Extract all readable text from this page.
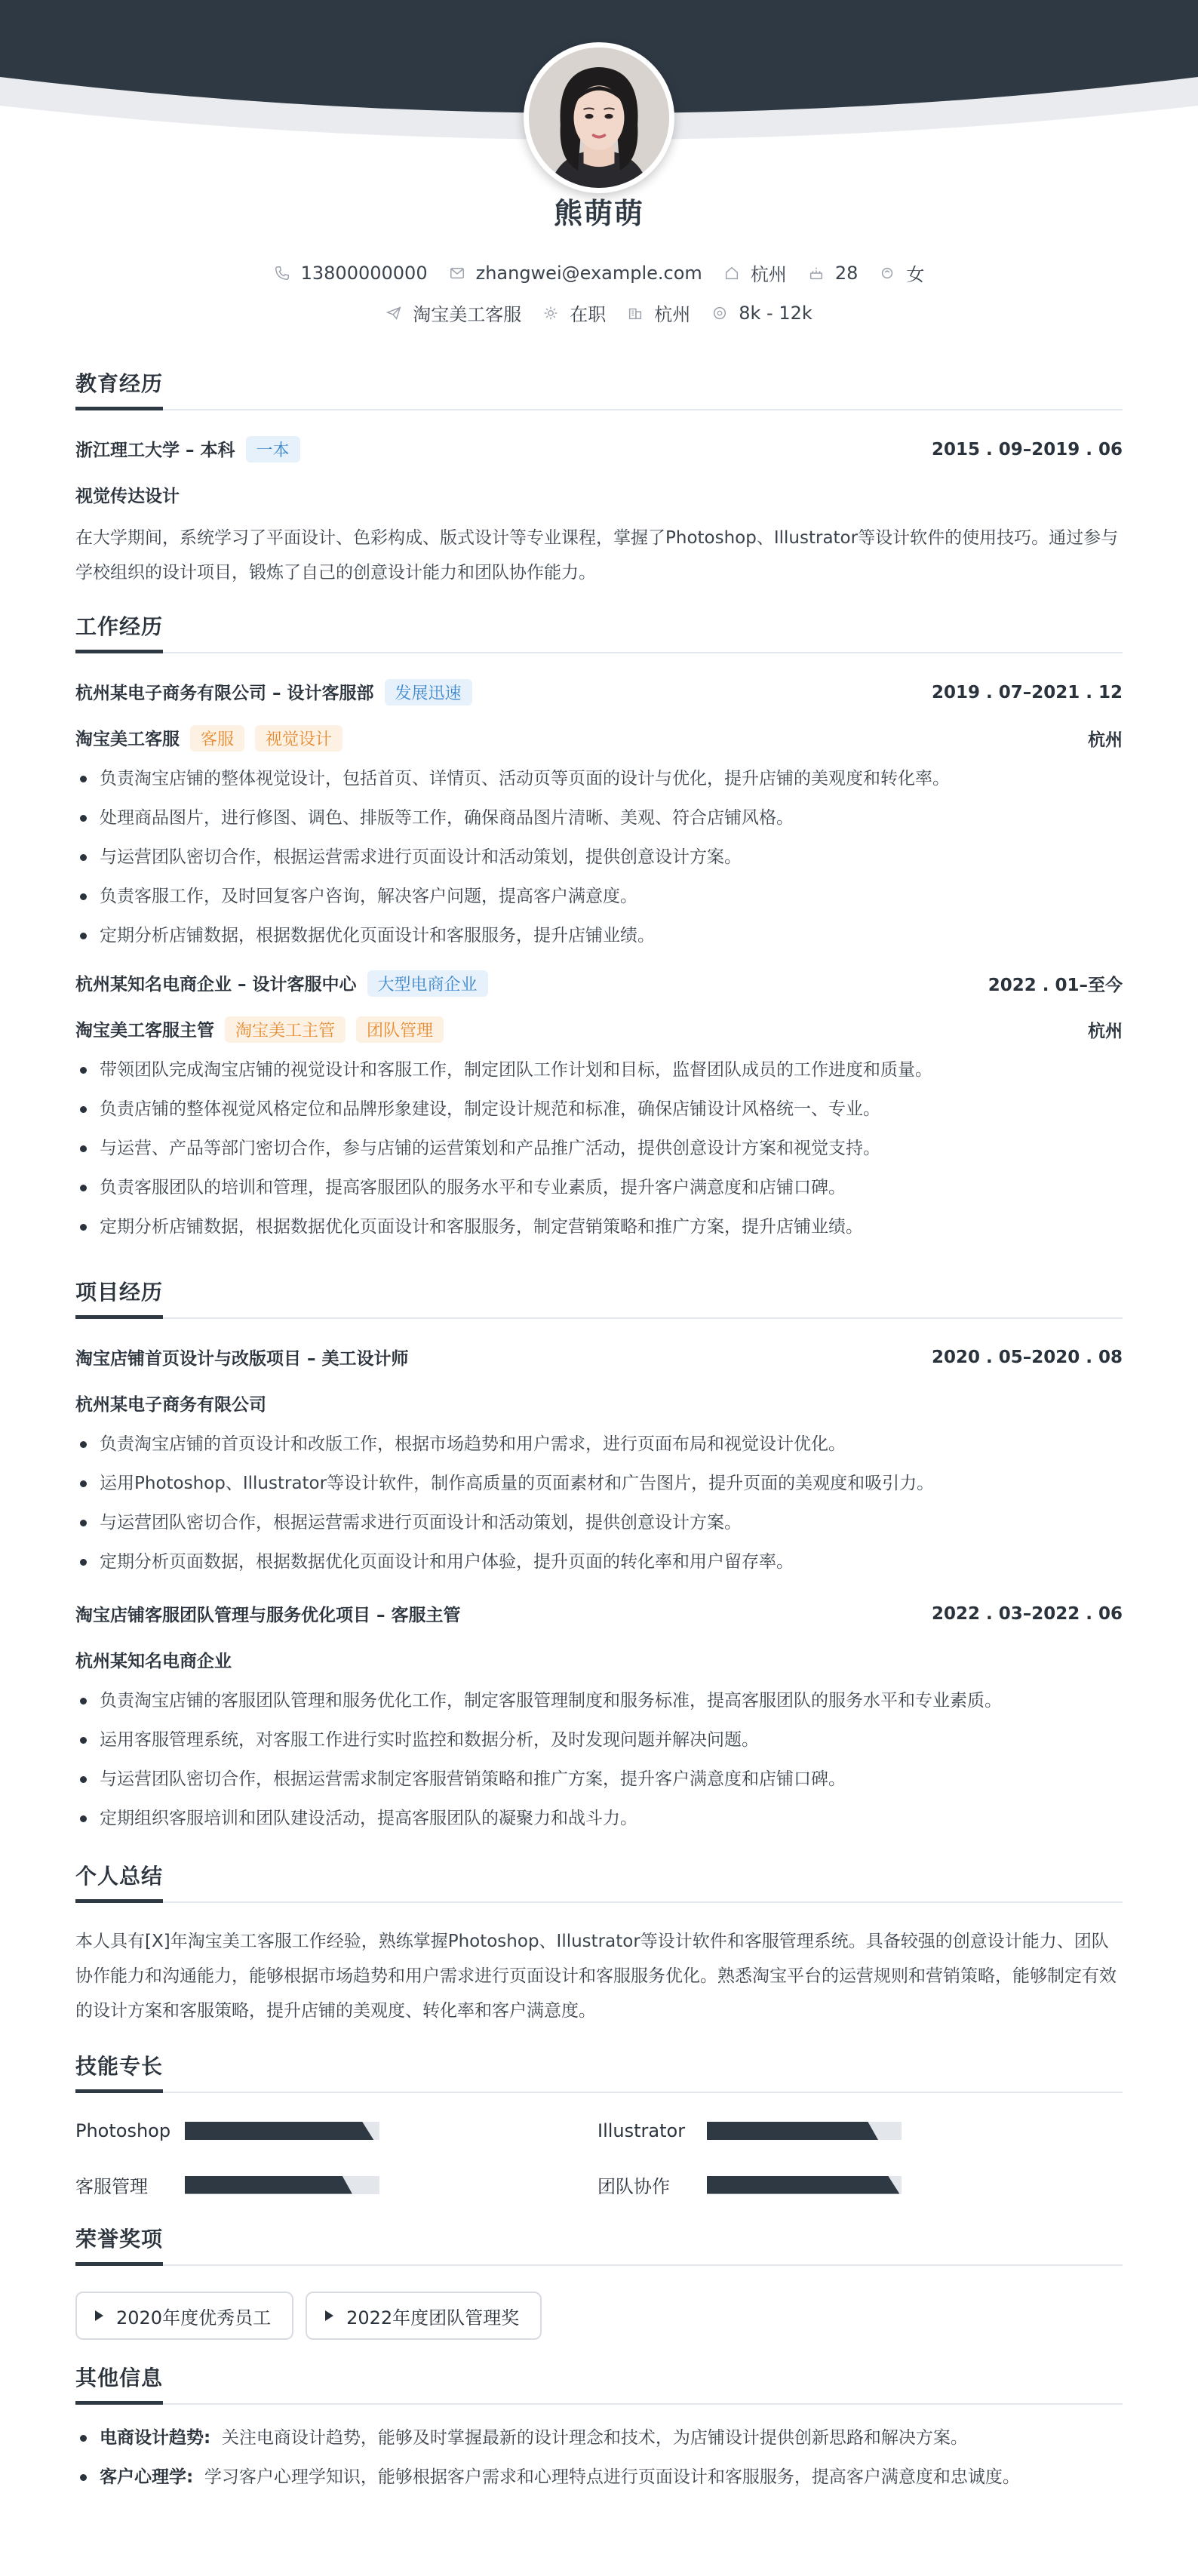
熊萌萌
13800000000	zhangwei@example.com	杭州	28	女
淘宝美工客服	在职	杭州	8k - 12k
教育经历
浙江理工大学 – 本科 一本	2015 . 09–2019 . 06
视觉传达设计
在大学期间，系统学习了平面设计、色彩构成、版式设计等专业课程，掌握了Photoshop、Illustrator等设计软件的使用技巧。通过参与学校组织的设计项目，锻炼了自己的创意设计能力和团队协作能力。
工作经历
杭州某电子商务有限公司 – 设计客服部 发展迅速	2019 . 07–2021 . 12
淘宝美工客服 客服 视觉设计	杭州
负责淘宝店铺的整体视觉设计，包括首页、详情页、活动页等页面的设计与优化，提升店铺的美观度和转化率。
处理商品图片，进行修图、调色、排版等工作，确保商品图片清晰、美观、符合店铺风格。
与运营团队密切合作，根据运营需求进行页面设计和活动策划，提供创意设计方案。
负责客服工作，及时回复客户咨询，解决客户问题，提高客户满意度。
定期分析店铺数据，根据数据优化页面设计和客服服务，提升店铺业绩。
杭州某知名电商企业 – 设计客服中心 大型电商企业	2022 . 01–至今
淘宝美工客服主管 淘宝美工主管 团队管理	杭州
带领团队完成淘宝店铺的视觉设计和客服工作，制定团队工作计划和目标，监督团队成员的工作进度和质量。
负责店铺的整体视觉风格定位和品牌形象建设，制定设计规范和标准，确保店铺设计风格统一、专业。
与运营、产品等部门密切合作，参与店铺的运营策划和产品推广活动，提供创意设计方案和视觉支持。
负责客服团队的培训和管理，提高客服团队的服务水平和专业素质，提升客户满意度和店铺口碑。
定期分析店铺数据，根据数据优化页面设计和客服服务，制定营销策略和推广方案，提升店铺业绩。
项目经历
淘宝店铺首页设计与改版项目 – 美工设计师	2020 . 05–2020 . 08
杭州某电子商务有限公司
负责淘宝店铺的首页设计和改版工作，根据市场趋势和用户需求，进行页面布局和视觉设计优化。
运用Photoshop、Illustrator等设计软件，制作高质量的页面素材和广告图片，提升页面的美观度和吸引力。
与运营团队密切合作，根据运营需求进行页面设计和活动策划，提供创意设计方案。
定期分析页面数据，根据数据优化页面设计和用户体验，提升页面的转化率和用户留存率。
淘宝店铺客服团队管理与服务优化项目 – 客服主管	2022 . 03–2022 . 06
杭州某知名电商企业
负责淘宝店铺的客服团队管理和服务优化工作，制定客服管理制度和服务标准，提高客服团队的服务水平和专业素质。
运用客服管理系统，对客服工作进行实时监控和数据分析，及时发现问题并解决问题。
与运营团队密切合作，根据运营需求制定客服营销策略和推广方案，提升客户满意度和店铺口碑。
定期组织客服培训和团队建设活动，提高客服团队的凝聚力和战斗力。
个人总结
本人具有[X]年淘宝美工客服工作经验，熟练掌握Photoshop、Illustrator等设计软件和客服管理系统。具备较强的创意设计能力、团队协作能力和沟通能力，能够根据市场趋势和用户需求进行页面设计和客服服务优化。熟悉淘宝平台的运营规则和营销策略，能够制定有效的设计方案和客服策略，提升店铺的美观度、转化率和客户满意度。
技能专长
Photoshop	Illustrator
客服管理	团队协作
荣誉奖项
2020年度优秀员工	2022年度团队管理奖
其他信息
电商设计趋势: 关注电商设计趋势，能够及时掌握最新的设计理念和技术，为店铺设计提供创新思路和解决方案。
客户心理学: 学习客户心理学知识，能够根据客户需求和心理特点进行页面设计和客服服务，提高客户满意度和忠诚度。
